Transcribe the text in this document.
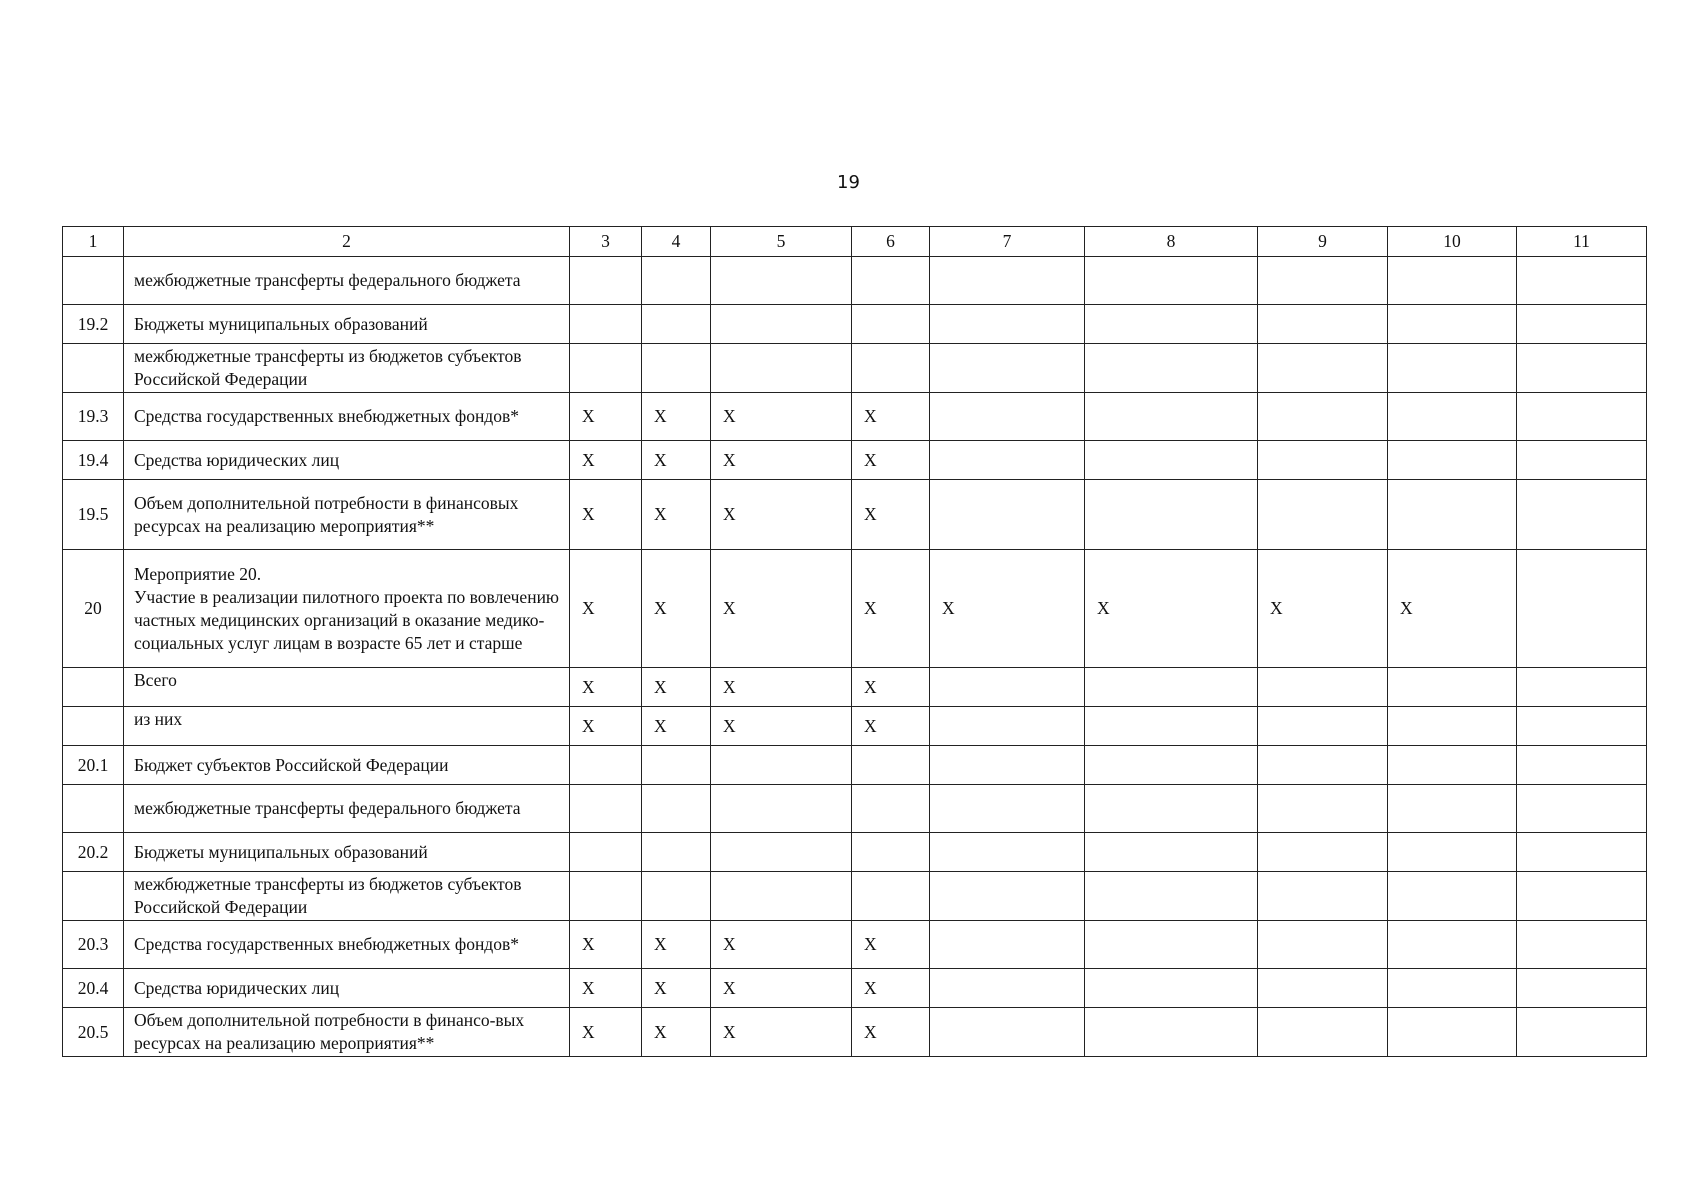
19
1	2	3	4	5	6	7	8	9	10	11

	межбюджетные трансферты федерального бюджета									

19.2	Бюджеты муниципальных образований									

	межбюджетные трансферты из бюджетов субъектов Российской Федерации									

19.3	Средства государственных внебюджетных фондов*	X	X	X	X					
19.4	Средства юридических лиц	X	X	X	X					
19.5	Объем дополнительной потребности в финансовых ресурсах на реализацию мероприятия**	X	X	X	X					
20	Мероприятие 20.
Участие в реализации пилотного проекта по вовлечению частных медицинских организаций в оказание медико-социальных услуг лицам в возрасте 65 лет и старше	X	X	X	X	X	X	X	X	

	Всего	X	X	X	X					

	из них	X	X	X	X					
20.1	Бюджет субъектов Российской Федерации									

	межбюджетные трансферты федерального бюджета									

20.2	Бюджеты муниципальных образований									

	межбюджетные трансферты из бюджетов субъектов Российской Федерации									

20.3	Средства государственных внебюджетных фондов*	X	X	X	X					
20.4	Средства юридических лиц	X	X	X	X					
20.5	Объем дополнительной потребности в финансо-вых ресурсах на реализацию мероприятия**	X	X	X	X					
